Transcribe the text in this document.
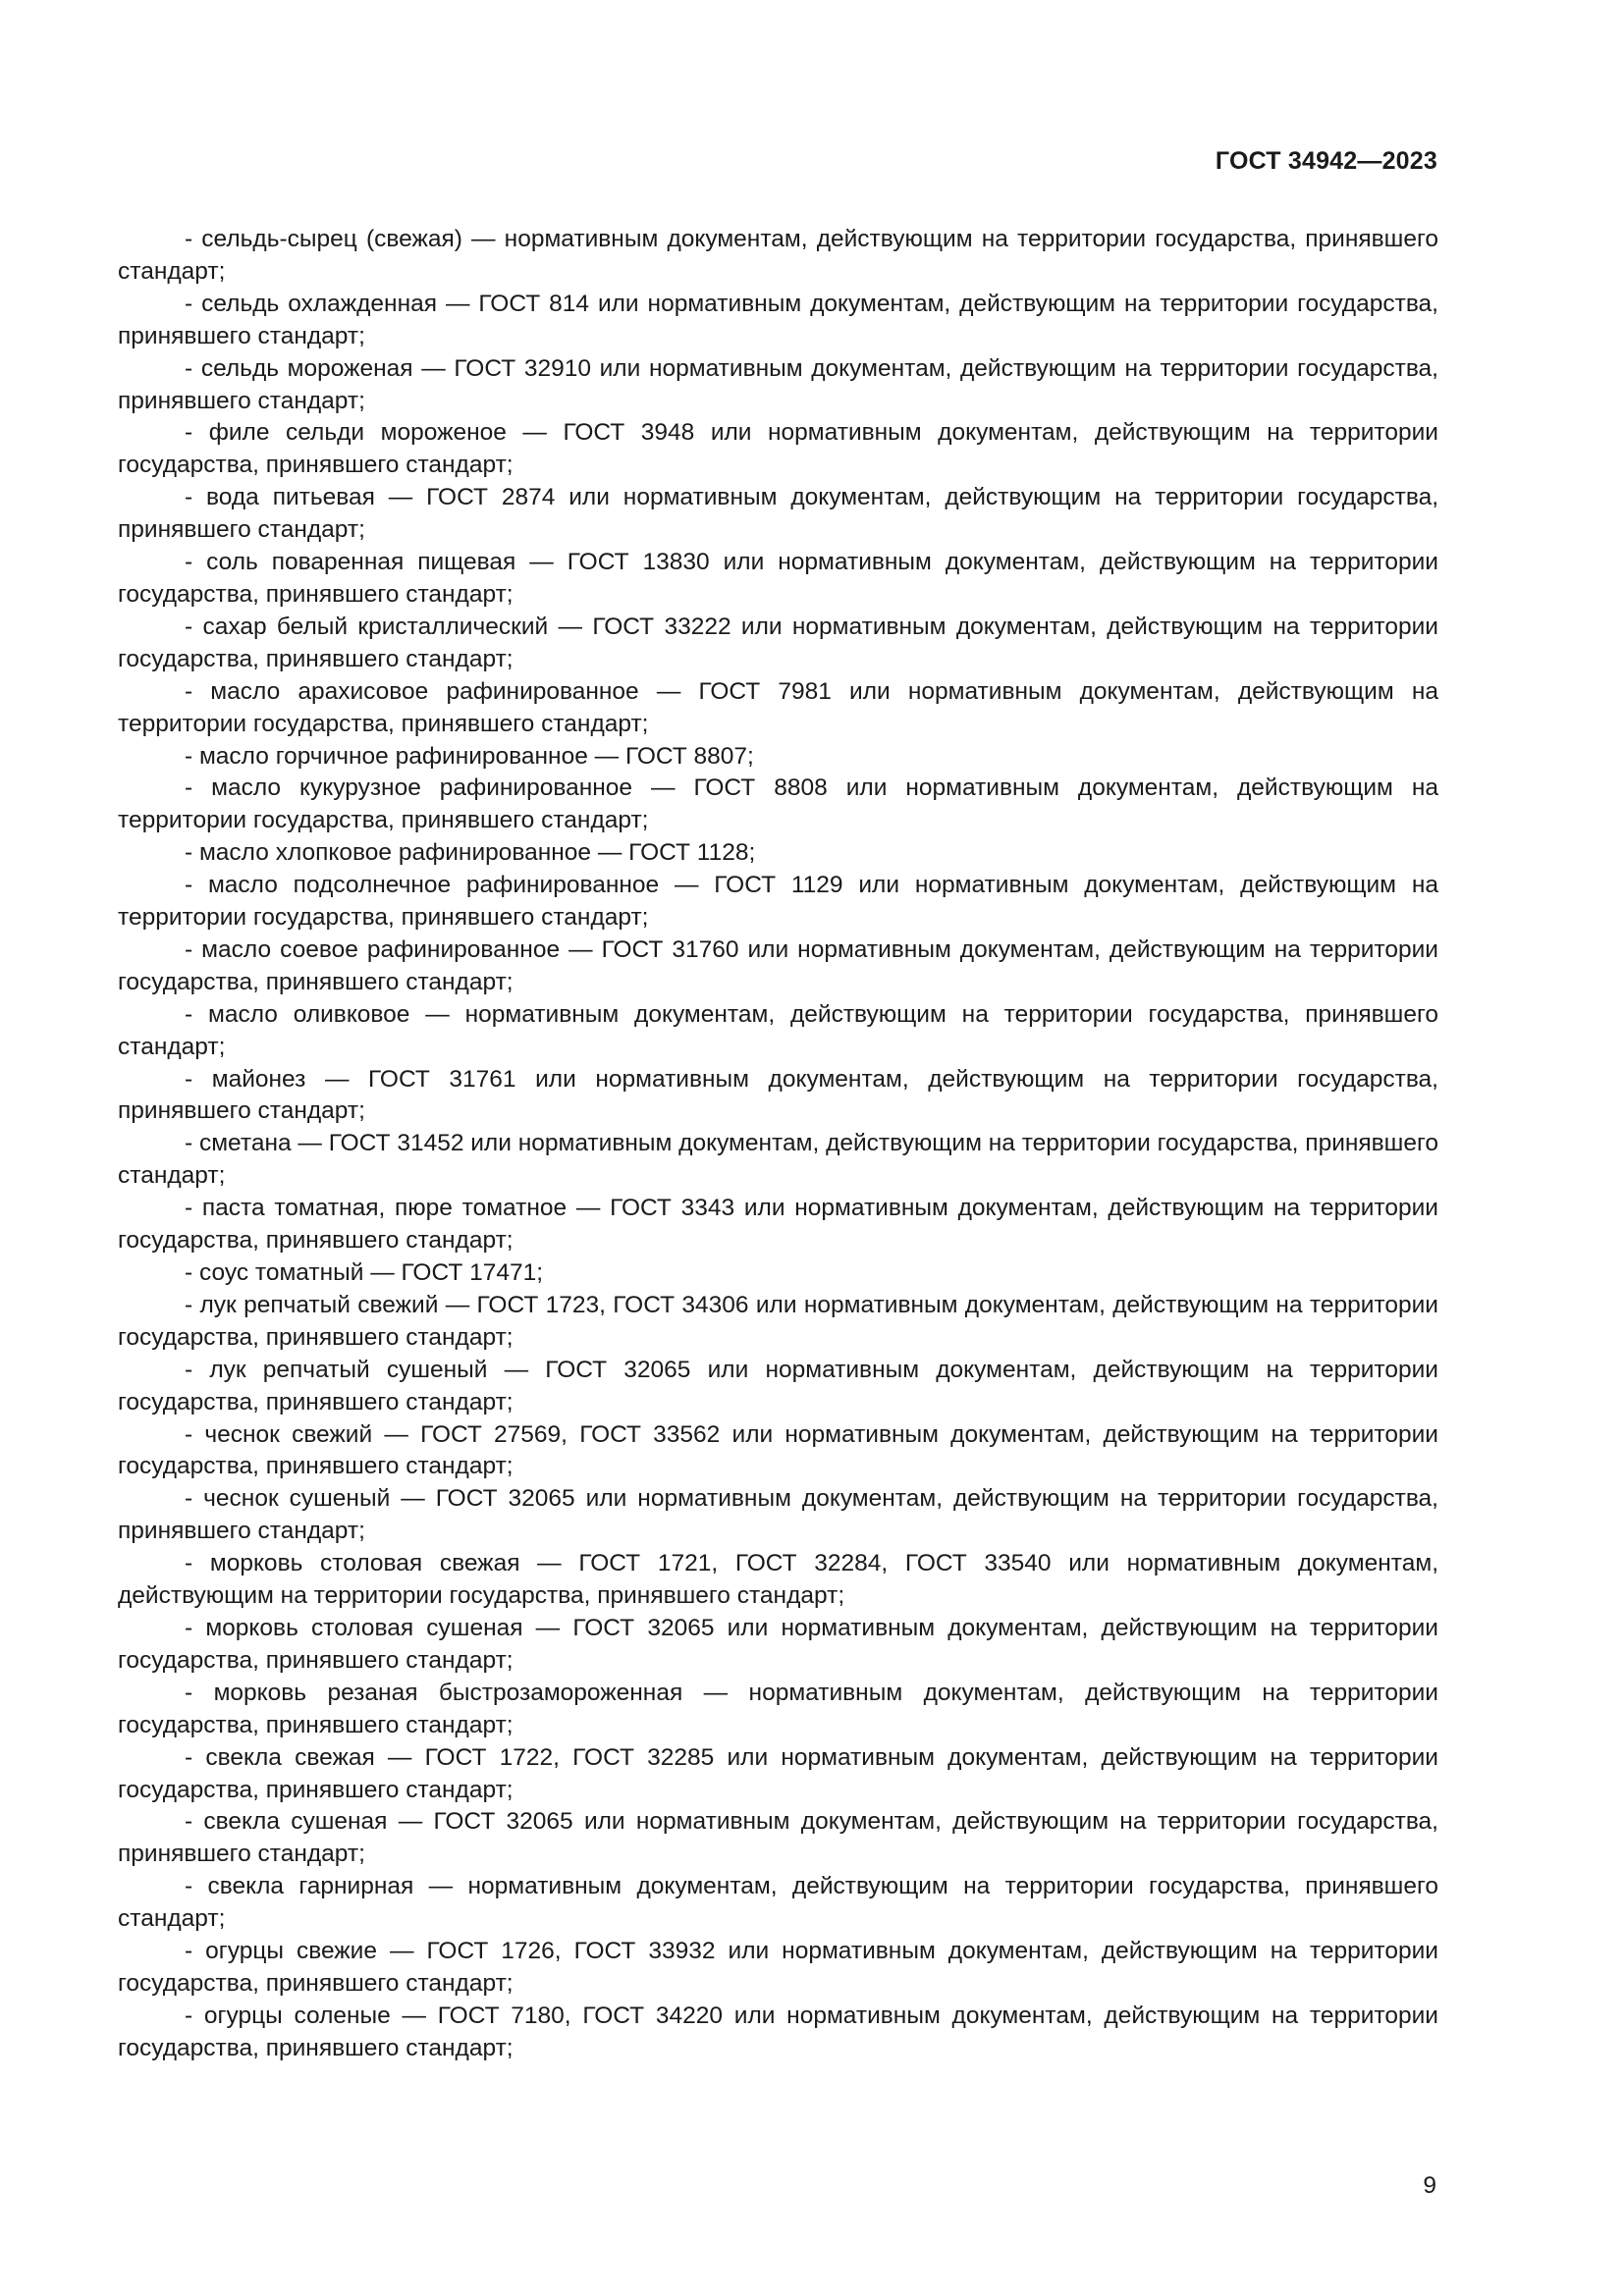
ГОСТ 34942—2023

- сельдь-сырец (свежая) — нормативным документам, действующим на территории государства, принявшего стандарт;

- сельдь охлажденная — ГОСТ 814 или нормативным документам, действующим на территории государства, принявшего стандарт;

- сельдь мороженая — ГОСТ 32910 или нормативным документам, действующим на территории государства, принявшего стандарт;

- филе сельди мороженое — ГОСТ 3948 или нормативным документам, действующим на территории государства, принявшего стандарт;

- вода питьевая — ГОСТ 2874 или нормативным документам, действующим на территории государства, принявшего стандарт;

- соль поваренная пищевая — ГОСТ 13830 или нормативным документам, действующим на территории государства, принявшего стандарт;

- сахар белый кристаллический — ГОСТ 33222 или нормативным документам, действующим на территории государства, принявшего стандарт;

- масло арахисовое рафинированное — ГОСТ 7981 или нормативным документам, действующим на территории государства, принявшего стандарт;

- масло горчичное рафинированное — ГОСТ 8807;

- масло кукурузное рафинированное — ГОСТ 8808 или нормативным документам, действующим на территории государства, принявшего стандарт;

- масло хлопковое рафинированное — ГОСТ 1128;

- масло подсолнечное рафинированное — ГОСТ 1129 или нормативным документам, действующим на территории государства, принявшего стандарт;

- масло соевое рафинированное — ГОСТ 31760 или нормативным документам, действующим на территории государства, принявшего стандарт;

- масло оливковое — нормативным документам, действующим на территории государства, принявшего стандарт;

- майонез — ГОСТ 31761 или нормативным документам, действующим на территории государства, принявшего стандарт;

- сметана — ГОСТ 31452 или нормативным документам, действующим на территории государства, принявшего стандарт;

- паста томатная, пюре томатное — ГОСТ 3343 или нормативным документам, действующим на территории государства, принявшего стандарт;

- соус томатный — ГОСТ 17471;

- лук репчатый свежий — ГОСТ 1723, ГОСТ 34306 или нормативным документам, действующим на территории государства, принявшего стандарт;

- лук репчатый сушеный — ГОСТ 32065 или нормативным документам, действующим на территории государства, принявшего стандарт;

- чеснок свежий — ГОСТ 27569, ГОСТ 33562 или нормативным документам, действующим на территории государства, принявшего стандарт;

- чеснок сушеный — ГОСТ 32065 или нормативным документам, действующим на территории государства, принявшего стандарт;

- морковь столовая свежая — ГОСТ 1721, ГОСТ 32284, ГОСТ 33540 или нормативным документам, действующим на территории государства, принявшего стандарт;

- морковь столовая сушеная — ГОСТ 32065 или нормативным документам, действующим на территории государства, принявшего стандарт;

- морковь резаная быстрозамороженная — нормативным документам, действующим на территории государства, принявшего стандарт;

- свекла свежая — ГОСТ 1722, ГОСТ 32285 или нормативным документам, действующим на территории государства, принявшего стандарт;

- свекла сушеная — ГОСТ 32065 или нормативным документам, действующим на территории государства, принявшего стандарт;

- свекла гарнирная — нормативным документам, действующим на территории государства, принявшего стандарт;

- огурцы свежие — ГОСТ 1726, ГОСТ 33932 или нормативным документам, действующим на территории государства, принявшего стандарт;

- огурцы соленые — ГОСТ 7180, ГОСТ 34220 или нормативным документам, действующим на территории государства, принявшего стандарт;

9
